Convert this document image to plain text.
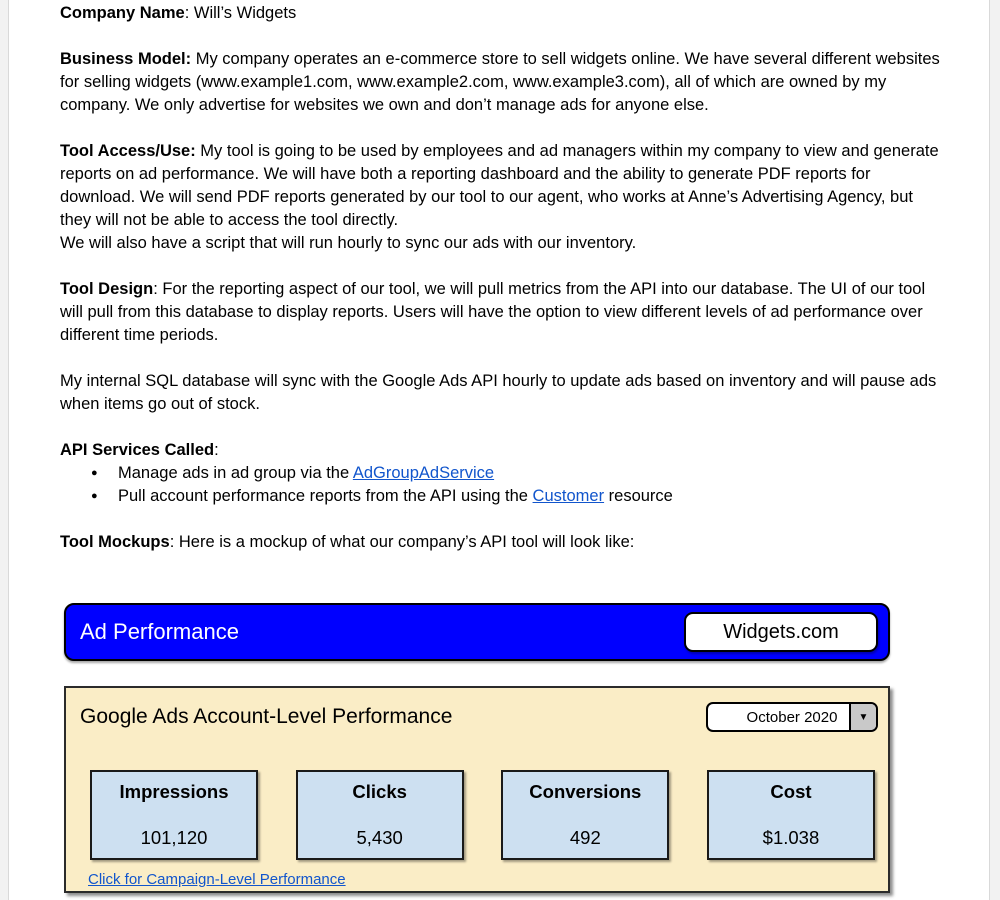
Company Name: Will’s Widgets
Business Model: My company operates an e-commerce store to sell widgets online. We have several different websites for selling widgets (www.example1.com, www.example2.com, www.example3.com), all of which are owned by my company. We only advertise for websites we own and don’t manage ads for anyone else.
Tool Access/Use: My tool is going to be used by employees and ad managers within my company to view and generate reports on ad performance. We will have both a reporting dashboard and the ability to generate PDF reports for download. We will send PDF reports generated by our tool to our agent, who works at Anne’s Advertising Agency, but they will not be able to access the tool directly.
We will also have a script that will run hourly to sync our ads with our inventory.
Tool Design: For the reporting aspect of our tool, we will pull metrics from the API into our database. The UI of our tool will pull from this database to display reports. Users will have the option to view different levels of ad performance over different time periods.
My internal SQL database will sync with the Google Ads API hourly to update ads based on inventory and will pause ads when items go out of stock.
API Services Called:
● Manage ads in ad group via the AdGroupAdService
● Pull account performance reports from the API using the Customer resource
Tool Mockups: Here is a mockup of what our company’s API tool will look like:
Ad Performance	Widgets.com
Google Ads Account-Level Performance	October 2020	▼
Impressions
101,120
Clicks
5,430
Conversions
492
Cost
$1.038
Click for Campaign-Level Performance
